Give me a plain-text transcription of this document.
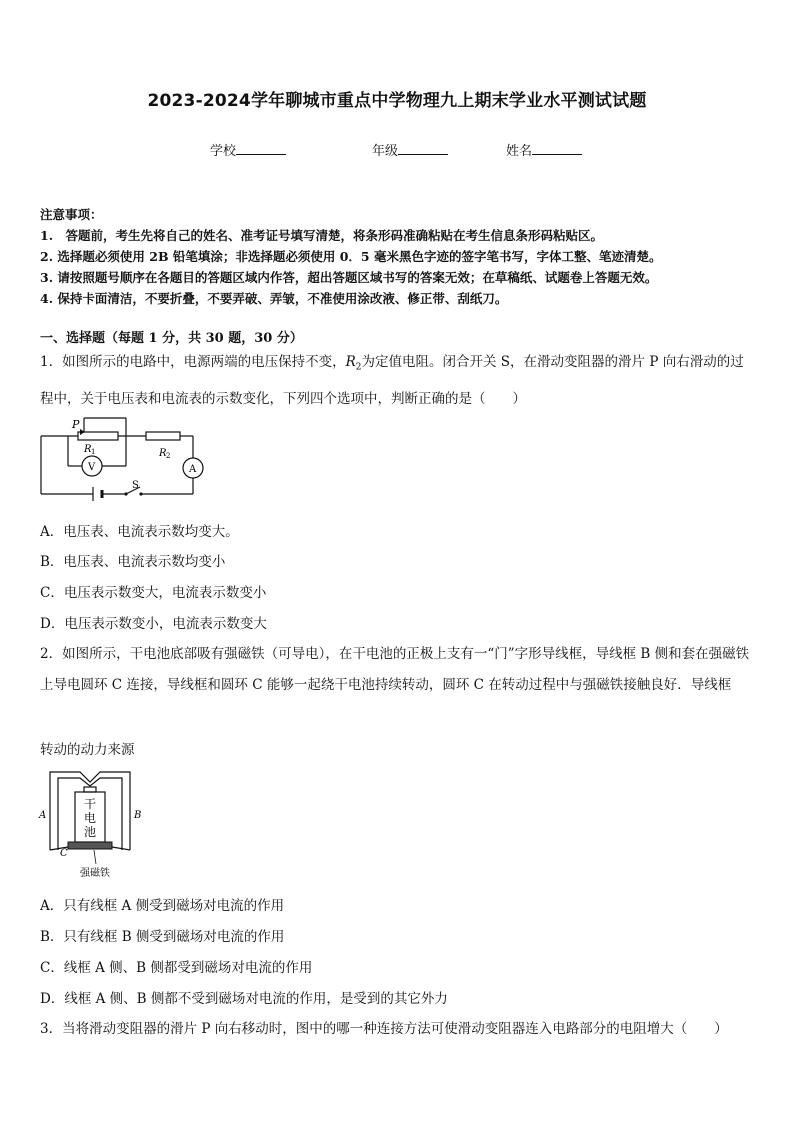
2023-2024学年聊城市重点中学物理九上期末学业水平测试试题
学校	年级	姓名
注意事项：
1.　答题前，考生先将自己的姓名、准考证号填写清楚，将条形码准确粘贴在考生信息条形码粘贴区。
2. 选择题必须使用 2B 铅笔填涂；非选择题必须使用 0．5 毫米黑色字迹的签字笔书写，字体工整、笔迹清楚。
3. 请按照题号顺序在各题目的答题区域内作答，超出答题区域书写的答案无效；在草稿纸、试题卷上答题无效。
4. 保持卡面清洁，不要折叠，不要弄破、弄皱，不准使用涂改液、修正带、刮纸刀。
一、选择题（每题 1 分，共 30 题，30 分）
1．如图所示的电路中，电源两端的电压保持不变，$R_2$为定值电阻。闭合开关 S，在滑动变阻器的滑片 P 向右滑动的过程中，关于电压表和电流表的示数变化，下列四个选项中，判断正确的是（　　）
P
R 1	R 2
V	A
S
A．电压表、电流表示数均变大。
B．电压表、电流表示数均变小
C．电压表示数变大，电流表示数变小
D．电压表示数变小，电流表示数变大
2．如图所示，干电池底部吸有强磁铁（可导电），在干电池的正极上支有一“门”字形导线框，导线框 B 侧和套在强磁铁上导电圆环 C 连接，导线框和圆环 C 能够一起绕干电池持续转动，圆环 C 在转动过程中与强磁铁接触良好．导线框
转动的动力来源
A	B
C
干
电
池
强磁铁
A．只有线框 A 侧受到磁场对电流的作用
B．只有线框 B 侧受到磁场对电流的作用
C．线框 A 侧、B 侧都受到磁场对电流的作用
D．线框 A 侧、B 侧都不受到磁场对电流的作用，是受到的其它外力
3．当将滑动变阻器的滑片 P 向右移动时，图中的哪一种连接方法可使滑动变阻器连入电路部分的电阻增大（　　）
